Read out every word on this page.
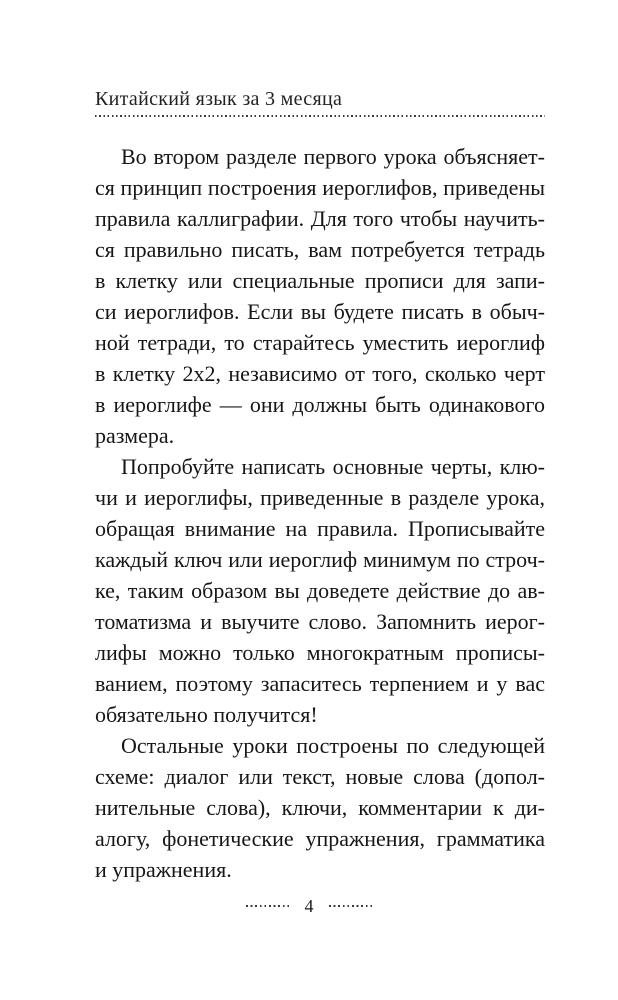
Китайский язык за 3 месяца
Во втором разделе первого урока объясняет-
ся принцип построения иероглифов, приведены
правила каллиграфии. Для того чтобы научить-
ся правильно писать, вам потребуется тетрадь
в клетку или специальные прописи для запи-
си иероглифов. Если вы будете писать в обыч-
ной тетради, то старайтесь уместить иероглиф
в клетку 2х2, независимо от того, сколько черт
в иероглифе — они должны быть одинакового
размера.
Попробуйте написать основные черты, клю-
чи и иероглифы, приведенные в разделе урока,
обращая внимание на правила. Прописывайте
каждый ключ или иероглиф минимум по строч-
ке, таким образом вы доведете действие до ав-
томатизма и выучите слово. Запомнить иерог-
лифы можно только многократным прописы-
ванием, поэтому запаситесь терпением и у вас
обязательно получится!
Остальные уроки построены по следующей
схеме: диалог или текст, новые слова (допол-
нительные слова), ключи, комментарии к ди-
алогу, фонетические упражнения, грамматика
и упражнения.
4
